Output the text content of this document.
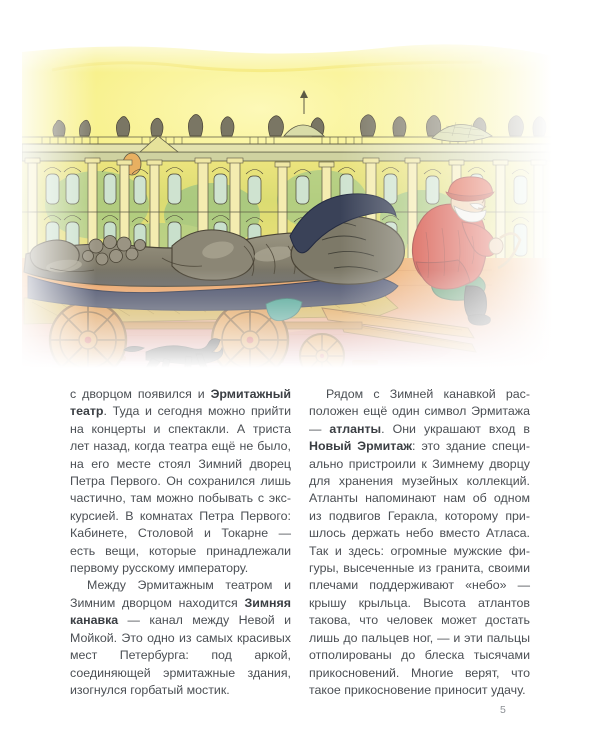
с дворцом появился и Эрмитажный театр. Туда и сегодня можно прийти на концерты и спектакли. А триста лет назад, когда театра ещё не было, на его месте стоял Зимний дворец Петра Первого. Он сохранился лишь частично, там можно побывать с экскурсией. В комнатах Петра Первого: Кабинете, Столовой и Токарне — есть вещи, которые принадлежали первому русскому императору.

Между Эрмитажным театром и Зимним дворцом находится Зимняя канавка — канал между Невой и Мойкой. Это одно из самых красивых мест Петербурга: под аркой, соединяющей эрмитажные здания, изогнулся горбатый мостик.

Рядом с Зимней канавкой расположен ещё один символ Эрмитажа — атланты. Они украшают вход в Новый Эрмитаж: это здание специально пристроили к Зимнему дворцу для хранения музейных коллекций. Атланты напоминают нам об одном из подвигов Геракла, которому пришлось держать небо вместо Атласа. Так и здесь: огромные мужские фигуры, высеченные из гранита, своими плечами поддерживают «небо» — крышу крыльца. Высота атлантов такова, что человек может достать лишь до пальцев ног, — и эти пальцы отполированы до блеска тысячами прикосновений. Многие верят, что такое прикосновение приносит удачу.

5
